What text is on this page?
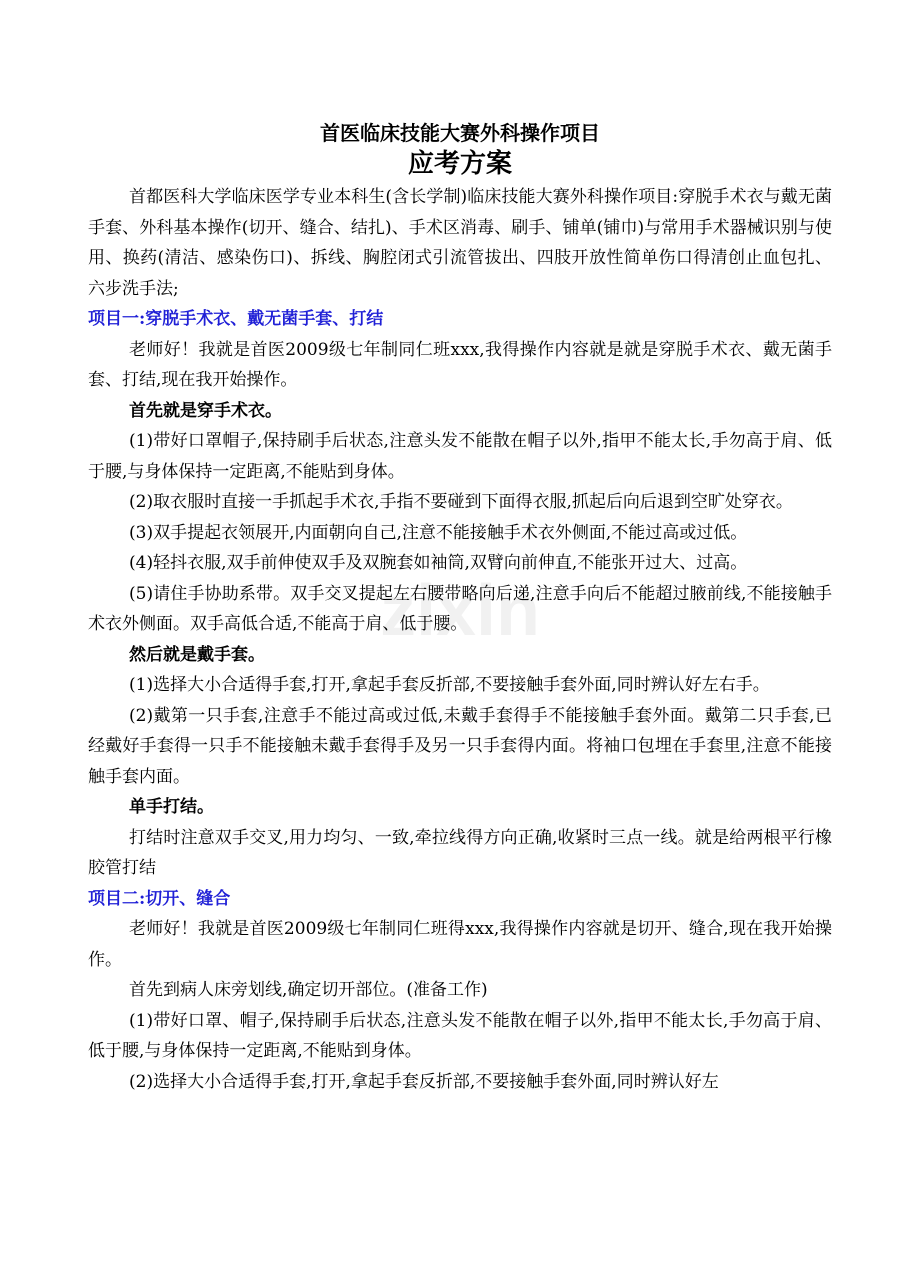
首医临床技能大赛外科操作项目
应考方案

首都医科大学临床医学专业本科生(含长学制)临床技能大赛外科操作项目:穿脱手术衣与戴无菌手套、外科基本操作(切开、缝合、结扎)、手术区消毒、刷手、铺单(铺巾)与常用手术器械识别与使用、换药(清洁、感染伤口)、拆线、胸腔闭式引流管拔出、四肢开放性简单伤口得清创止血包扎、六步洗手法;

项目一:穿脱手术衣、戴无菌手套、打结

老师好！我就是首医2009级七年制同仁班xxx,我得操作内容就是就是穿脱手术衣、戴无菌手套、打结,现在我开始操作。

首先就是穿手术衣。

(1)带好口罩帽子,保持刷手后状态,注意头发不能散在帽子以外,指甲不能太长,手勿高于肩、低于腰,与身体保持一定距离,不能贴到身体。

(2)取衣服时直接一手抓起手术衣,手指不要碰到下面得衣服,抓起后向后退到空旷处穿衣。

(3)双手提起衣领展开,内面朝向自己,注意不能接触手术衣外侧面,不能过高或过低。

(4)轻抖衣服,双手前伸使双手及双腕套如袖筒,双臂向前伸直,不能张开过大、过高。

(5)请住手协助系带。双手交叉提起左右腰带略向后递,注意手向后不能超过腋前线,不能接触手术衣外侧面。双手高低合适,不能高于肩、低于腰。

然后就是戴手套。

(1)选择大小合适得手套,打开,拿起手套反折部,不要接触手套外面,同时辨认好左右手。

(2)戴第一只手套,注意手不能过高或过低,未戴手套得手不能接触手套外面。戴第二只手套,已经戴好手套得一只手不能接触未戴手套得手及另一只手套得内面。将袖口包埋在手套里,注意不能接触手套内面。

单手打结。

打结时注意双手交叉,用力均匀、一致,牵拉线得方向正确,收紧时三点一线。就是给两根平行橡胶管打结

项目二:切开、缝合

老师好！我就是首医2009级七年制同仁班得xxx,我得操作内容就是切开、缝合,现在我开始操作。

首先到病人床旁划线,确定切开部位。(准备工作)

(1)带好口罩、帽子,保持刷手后状态,注意头发不能散在帽子以外,指甲不能太长,手勿高于肩、低于腰,与身体保持一定距离,不能贴到身体。

(2)选择大小合适得手套,打开,拿起手套反折部,不要接触手套外面,同时辨认好左

zixin
